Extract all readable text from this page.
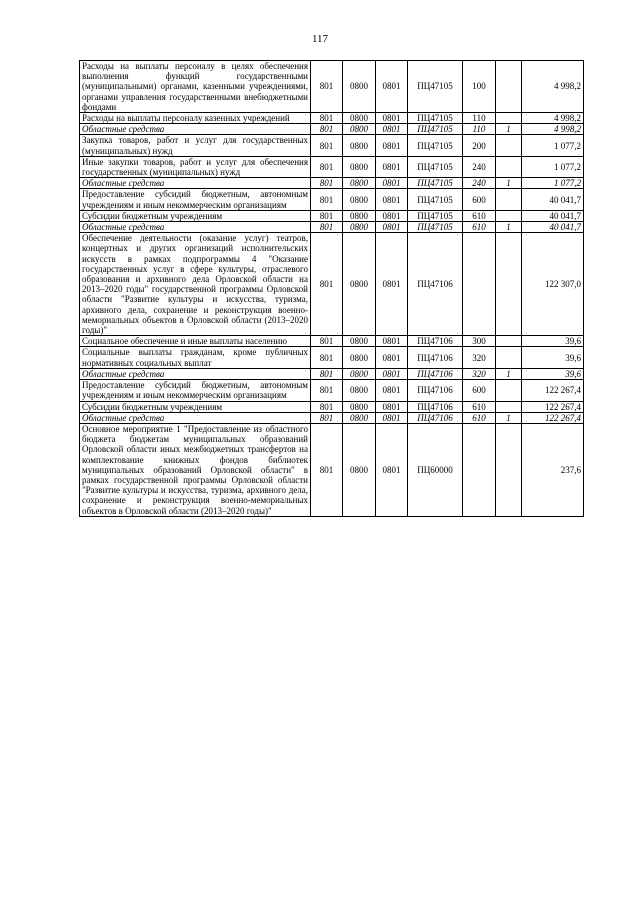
117
Расходы на выплаты персоналу в целях обеспечения выполнения функций государственными (муниципальными) органами, казенными учреждениями, органами управления государственными внебюджетными фондами	801	0800	0801	ПЦ47105	100		4 998,2
Расходы на выплаты персоналу казенных учреждений	801	0800	0801	ПЦ47105	110		4 998,2
Областные средства	801	0800	0801	ПЦ47105	110	1	4 998,2
Закупка товаров, работ и услуг для государственных (муниципальных) нужд	801	0800	0801	ПЦ47105	200		1 077,2
Иные закупки товаров, работ и услуг для обеспечения государственных (муниципальных) нужд	801	0800	0801	ПЦ47105	240		1 077,2
Областные средства	801	0800	0801	ПЦ47105	240	1	1 077,2
Предоставление субсидий бюджетным, автономным учреждениям и иным некоммерческим организациям	801	0800	0801	ПЦ47105	600		40 041,7
Субсидии бюджетным учреждениям	801	0800	0801	ПЦ47105	610		40 041,7
Областные средства	801	0800	0801	ПЦ47105	610	1	40 041,7
Обеспечение деятельности (оказание услуг) театров, концертных и других организаций исполнительских искусств в рамках подпрограммы 4 "Оказание государственных услуг в сфере культуры, отраслевого образования и архивного дела Орловской области на 2013–2020 годы" государственной программы Орловской области "Развитие культуры и искусства, туризма, архивного дела, сохранение и реконструкция военно-мемориальных объектов в Орловской области (2013–2020 годы)"	801	0800	0801	ПЦ47106			122 307,0
Социальное обеспечение и иные выплаты населению	801	0800	0801	ПЦ47106	300		39,6
Социальные выплаты гражданам, кроме публичных нормативных социальных выплат	801	0800	0801	ПЦ47106	320		39,6
Областные средства	801	0800	0801	ПЦ47106	320	1	39,6
Предоставление субсидий бюджетным, автономным учреждениям и иным некоммерческим организациям	801	0800	0801	ПЦ47106	600		122 267,4
Субсидии бюджетным учреждениям	801	0800	0801	ПЦ47106	610		122 267,4
Областные средства	801	0800	0801	ПЦ47106	610	1	122 267,4
Основное мероприятие 1 "Предоставление из областного бюджета бюджетам муниципальных образований Орловской области иных межбюджетных трансфертов на комплектование книжных фондов библиотек муниципальных образований Орловской области" в рамках государственной программы Орловской области "Развитие культуры и искусства, туризма, архивного дела, сохранение и реконструкция военно-мемориальных объектов в Орловской области (2013–2020 годы)"	801	0800	0801	ПЦ60000			237,6
